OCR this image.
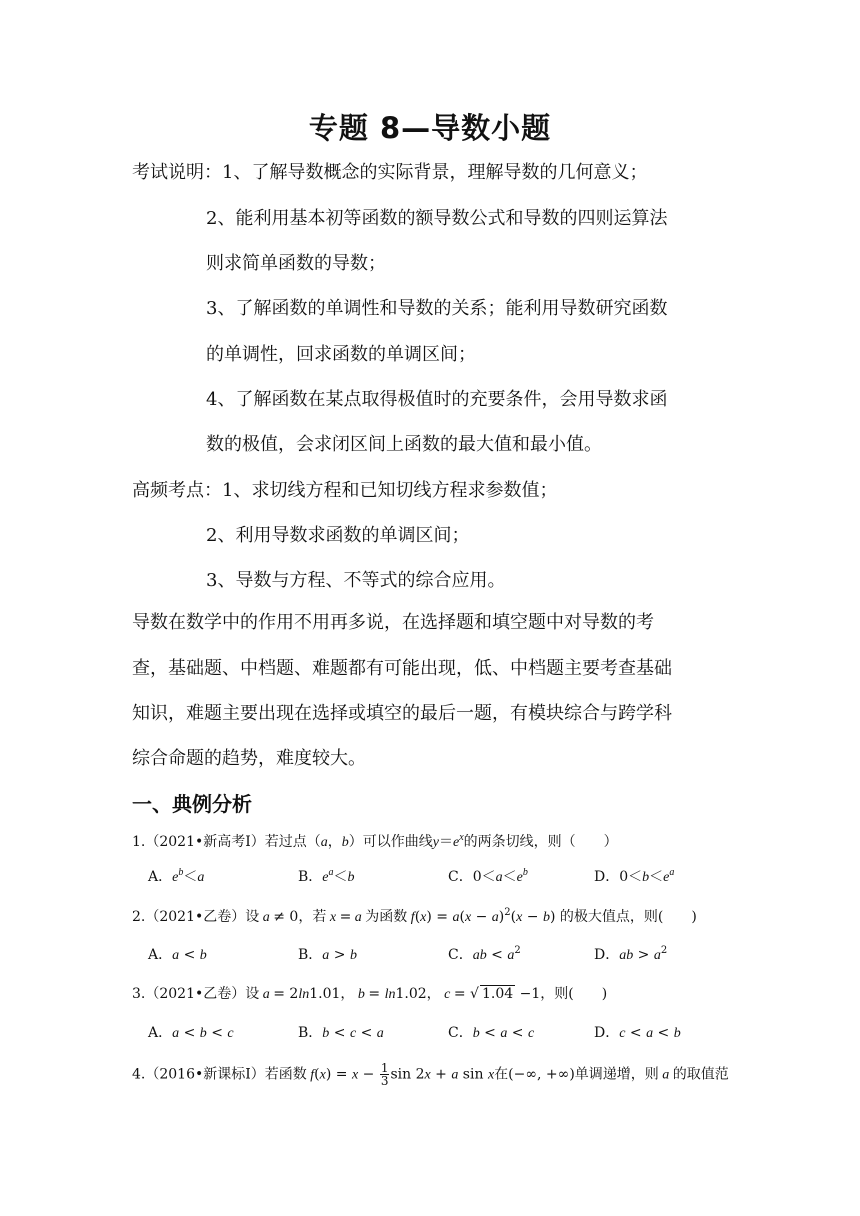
专题 8—导数小题
考试说明：1、了解导数概念的实际背景，理解导数的几何意义；
2、能利用基本初等函数的额导数公式和导数的四则运算法
则求简单函数的导数；
3、了解函数的单调性和导数的关系；能利用导数研究函数
的单调性，回求函数的单调区间；
4、了解函数在某点取得极值时的充要条件，会用导数求函
数的极值，会求闭区间上函数的最大值和最小值。
高频考点：1、求切线方程和已知切线方程求参数值；
2、利用导数求函数的单调区间；
3、导数与方程、不等式的综合应用。
导数在数学中的作用不用再多说，在选择题和填空题中对导数的考
查，基础题、中档题、难题都有可能出现，低、中档题主要考查基础
知识，难题主要出现在选择或填空的最后一题，有模块综合与跨学科
综合命题的趋势，难度较大。
一、典例分析
1.（2021•新高考Ⅰ）若过点（a，b）可以作曲线$y=e^x$的两条切线，则（　　）
A．$e^b<a$	B．$e^a<b$	C．$0<a<e^b$	D．$0<b<e^a$
2.（2021•乙卷）设 a ≠ 0，若 x = a 为函数 $f(x) = a(x - a)^2(x - b)$ 的极大值点，则(　　)
A．a < b	B．a > b	C．ab < $a^2$	D．ab > $a^2$
3.（2021•乙卷）设 a = 2ln1.01， b = ln1.02， c = √ 1.04 −1，则(　　)
A．a < b < c	B．b < c < a	C．b < a < c	D．c < a < b
4.（2016•新课标Ⅰ）若函数 $f(x) = x - \frac{1}{3}$ sin 2x + a sin x在(−∞, +∞)单调递增，则 a 的取值范
